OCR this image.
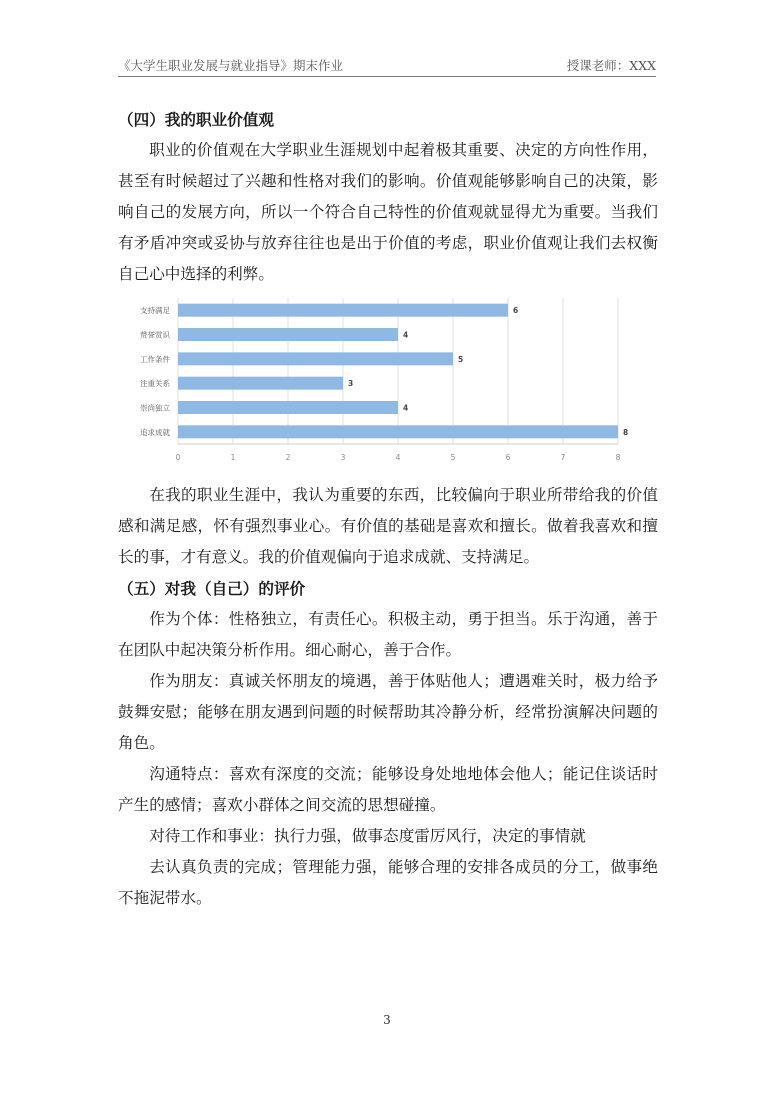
《大学生职业发展与就业指导》期末作业	授课老师：XXX

（四）我的职业价值观

职业的价值观在大学职业生涯规划中起着极其重要、决定的方向性作用，甚至有时候超过了兴趣和性格对我们的影响。价值观能够影响自己的决策，影响自己的发展方向，所以一个符合自己特性的价值观就显得尤为重要。当我们有矛盾冲突或妥协与放弃往往也是出于价值的考虑，职业价值观让我们去权衡自己心中选择的利弊。

0	1	2	3	4	5	6	7	8
支持满足	6
赞誉赏识	4
工作条件	5
注重关系	3
崇尚独立	4
追求成就	8

在我的职业生涯中，我认为重要的东西，比较偏向于职业所带给我的价值感和满足感，怀有强烈事业心。有价值的基础是喜欢和擅长。做着我喜欢和擅长的事，才有意义。我的价值观偏向于追求成就、支持满足。

（五）对我（自己）的评价

作为个体：性格独立，有责任心。积极主动，勇于担当。乐于沟通，善于在团队中起决策分析作用。细心耐心，善于合作。

作为朋友：真诚关怀朋友的境遇，善于体贴他人；遭遇难关时，极力给予鼓舞安慰；能够在朋友遇到问题的时候帮助其冷静分析，经常扮演解决问题的角色。

沟通特点：喜欢有深度的交流；能够设身处地地体会他人；能记住谈话时产生的感情；喜欢小群体之间交流的思想碰撞。

对待工作和事业：执行力强，做事态度雷厉风行，决定的事情就

去认真负责的完成；管理能力强，能够合理的安排各成员的分工，做事绝不拖泥带水。

3
